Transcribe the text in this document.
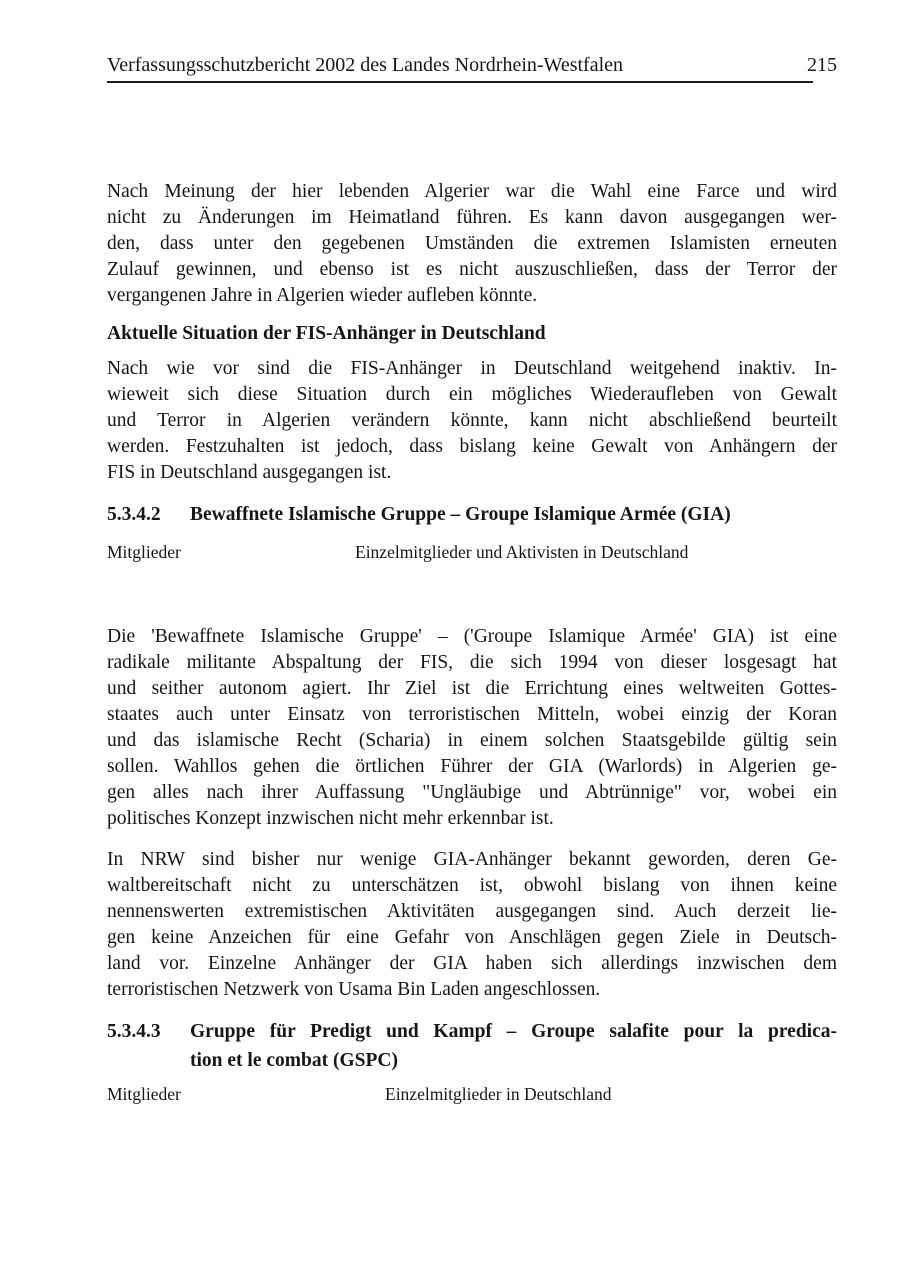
Verfassungsschutzbericht 2002 des Landes Nordrhein-Westfalen	215
Nach Meinung der hier lebenden Algerier war die Wahl eine Farce und wird
nicht zu Änderungen im Heimatland führen. Es kann davon ausgegangen wer-
den, dass unter den gegebenen Umständen die extremen Islamisten erneuten
Zulauf gewinnen, und ebenso ist es nicht auszuschließen, dass der Terror der
vergangenen Jahre in Algerien wieder aufleben könnte.
Aktuelle Situation der FIS-Anhänger in Deutschland
Nach wie vor sind die FIS-Anhänger in Deutschland weitgehend inaktiv. In-
wieweit sich diese Situation durch ein mögliches Wiederaufleben von Gewalt
und Terror in Algerien verändern könnte, kann nicht abschließend beurteilt
werden. Festzuhalten ist jedoch, dass bislang keine Gewalt von Anhängern der
FIS in Deutschland ausgegangen ist.
5.3.4.2	Bewaffnete Islamische Gruppe – Groupe Islamique Armée (GIA)
Mitglieder	Einzelmitglieder und Aktivisten in Deutschland
Die 'Bewaffnete Islamische Gruppe' – ('Groupe Islamique Armée' GIA) ist eine
radikale militante Abspaltung der FIS, die sich 1994 von dieser losgesagt hat
und seither autonom agiert. Ihr Ziel ist die Errichtung eines weltweiten Gottes-
staates auch unter Einsatz von terroristischen Mitteln, wobei einzig der Koran
und das islamische Recht (Scharia) in einem solchen Staatsgebilde gültig sein
sollen. Wahllos gehen die örtlichen Führer der GIA (Warlords) in Algerien ge-
gen alles nach ihrer Auffassung "Ungläubige und Abtrünnige" vor, wobei ein
politisches Konzept inzwischen nicht mehr erkennbar ist.
In NRW sind bisher nur wenige GIA-Anhänger bekannt geworden, deren Ge-
waltbereitschaft nicht zu unterschätzen ist, obwohl bislang von ihnen keine
nennenswerten extremistischen Aktivitäten ausgegangen sind. Auch derzeit lie-
gen keine Anzeichen für eine Gefahr von Anschlägen gegen Ziele in Deutsch-
land vor. Einzelne Anhänger der GIA haben sich allerdings inzwischen dem
terroristischen Netzwerk von Usama Bin Laden angeschlossen.
5.3.4.3	Gruppe für Predigt und Kampf – Groupe salafite pour la predica-
tion et le combat (GSPC)
Mitglieder	Einzelmitglieder in Deutschland
